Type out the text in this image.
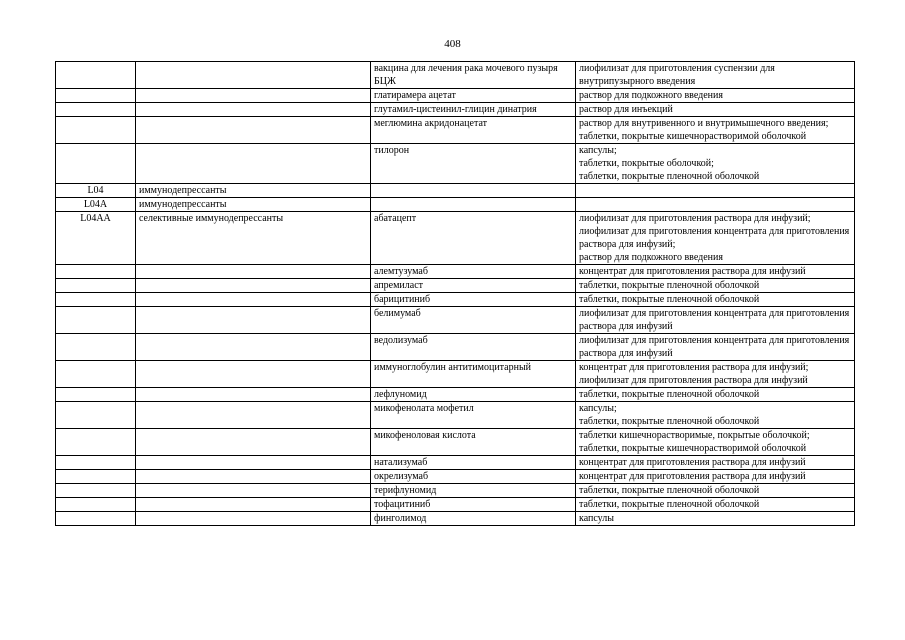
408
		вакцина для лечения рака мочевого пузыря БЦЖ	лиофилизат для приготовления суспензии для внутрипузырного введения

		глатирамера ацетат	раствор для подкожного введения

		глутамил-цистеинил-глицин динатрия	раствор для инъекций

		меглюмина акридонацетат	раствор для внутривенного и внутримышечного введения;
таблетки, покрытые кишечнорастворимой оболочкой

		тилорон	капсулы;
таблетки, покрытые оболочкой;
таблетки, покрытые пленочной оболочкой

L04	иммунодепрессанты		
L04A	иммунодепрессанты		
L04AA	селективные иммунодепрессанты	абатацепт	лиофилизат для приготовления раствора для инфузий;
лиофилизат для приготовления концентрата для приготовления раствора для инфузий;
раствор для подкожного введения

		алемтузумаб	концентрат для приготовления раствора для инфузий

		апремиласт	таблетки, покрытые пленочной оболочкой

		барицитиниб	таблетки, покрытые пленочной оболочкой

		белимумаб	лиофилизат для приготовления концентрата для приготовления раствора для инфузий

		ведолизумаб	лиофилизат для приготовления концентрата для приготовления раствора для инфузий

		иммуноглобулин антитимоцитарный	концентрат для приготовления раствора для инфузий;
лиофилизат для приготовления раствора для инфузий

		лефлуномид	таблетки, покрытые пленочной оболочкой

		микофенолата мофетил	капсулы;
таблетки, покрытые пленочной оболочкой

		микофеноловая кислота	таблетки кишечнорастворимые, покрытые оболочкой;
таблетки, покрытые кишечнорастворимой оболочкой

		натализумаб	концентрат для приготовления раствора для инфузий

		окрелизумаб	концентрат для приготовления раствора для инфузий

		терифлуномид	таблетки, покрытые пленочной оболочкой

		тофацитиниб	таблетки, покрытые пленочной оболочкой

		финголимод	капсулы
